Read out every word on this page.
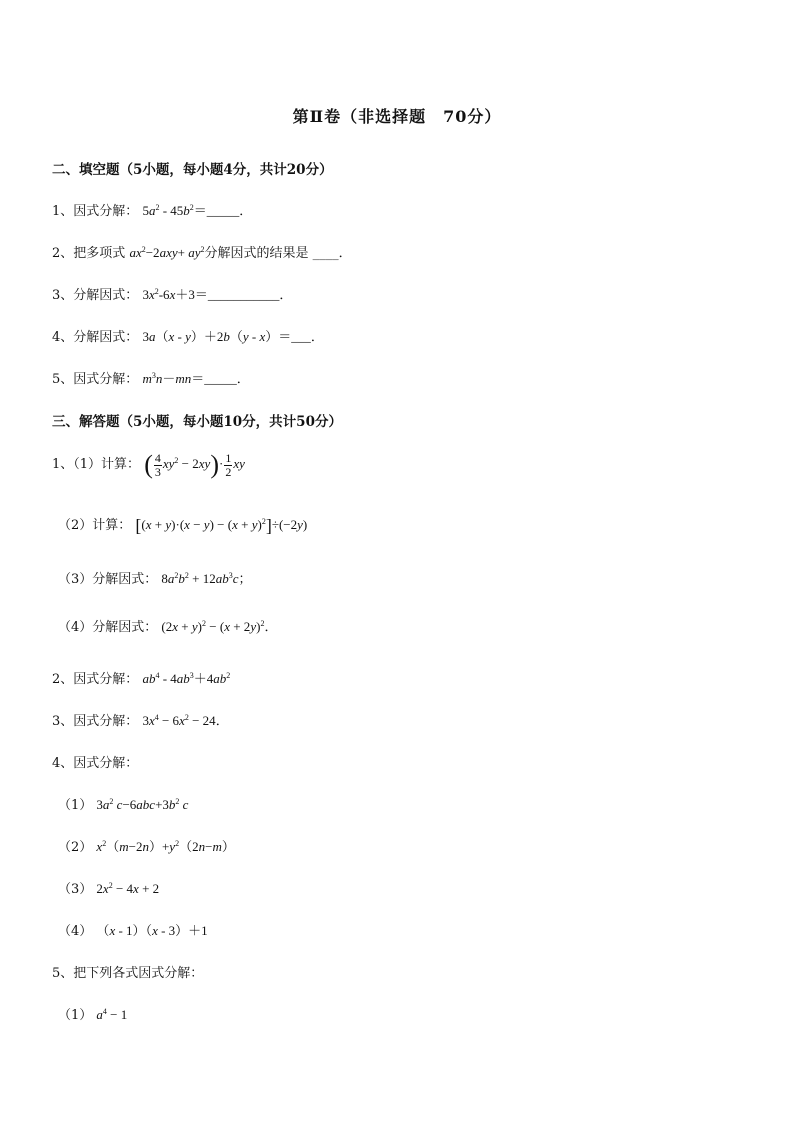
第Ⅱ卷（非选择题　70分）
二、填空题（5小题，每小题4分，共计20分）
1、因式分解： $5a^2$ - $45b^2=\_\_\_\_\_$．
2、把多项式 $ax^2-2axy+ ay^2$分解因式的结果是 ____．
3、分解因式： $3x^2-6x+3=\_\_\_\_\_\_\_\_\_\_\_$．
4、分解因式： 3a（x - y）＋2b（y - x）＝___．
5、因式分解： $m^3n-mn=\_\_\_\_\_$．
三、解答题（5小题，每小题10分，共计50分）
1、（1）计算： ( $\frac{4}{3} xy^2 - 2xy)\cdot \frac{1}{2}$ xy
（2）计算： $[(x + y)\cdot(x - y) - (x + y)^2]\div(-2y)$
（3）分解因式： $8a^2b^2 + 12ab^3c$；
（4）分解因式： $(2x + y)^2 - (x + 2y)^2$．
2、因式分解： $ab^4 - 4ab^3+4ab^2$
3、因式分解： $3x^4 - 6x^2 - 24$．
4、因式分解：
（1） $3a^2$ $c-6abc+3b^2$ c
（2） $x^2(m-2n)+y^2(2n-m)$
（3） $2x^2 - 4x + 2$
（4） （x - 1）（x - 3）＋1
5、把下列各式因式分解：
（1） $a^4 - 1$
